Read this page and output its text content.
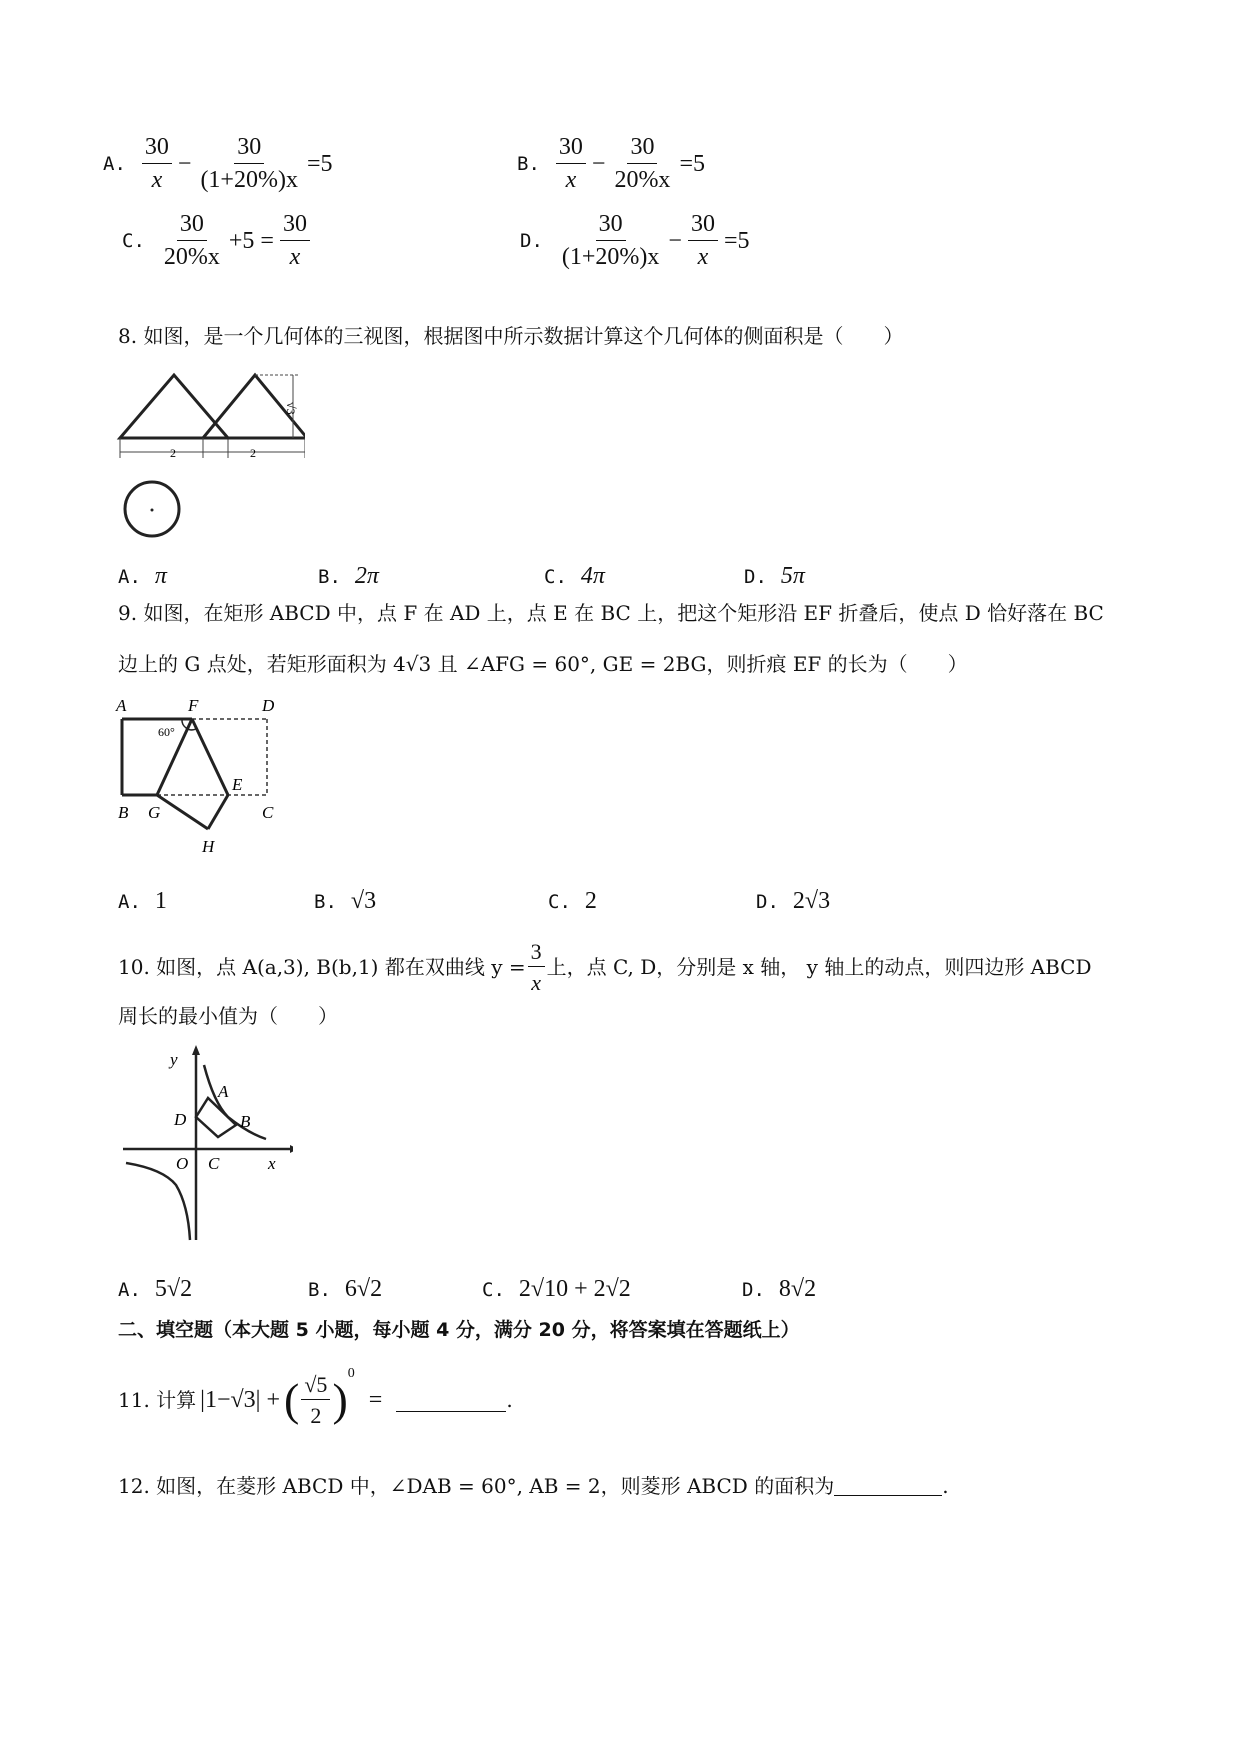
A. $\frac{30}{x} - \frac{30}{(1+20\%)x} =5$	B. $\frac{30}{x} - \frac{30}{20\%x} =5$
C. $\frac{30}{20\%x} +5 = \frac{30}{x}$	D. $\frac{30}{(1+20\%)x} - \frac{30}{x} =5$
8. 如图，是一个几何体的三视图，根据图中所示数据计算这个几何体的侧面积是（　　）
2	2
√3
A. π	B. 2π	C. 4π	D. 5π
9. 如图，在矩形 ABCD 中，点 F 在 AD 上，点 E 在 BC 上，把这个矩形沿 EF 折叠后，使点 D 恰好落在 BC
边上的 G 点处，若矩形面积为 4√3 且 ∠AFG = 60°, GE = 2BG，则折痕 EF 的长为（　　）
A	F	D
60°
E
B G	C
H
A. 1	B. √3	C. 2	D. 2√3
10. 如图，点 A(a,3), B(b,1) 都在双曲线 $y = \frac{3}{x}$ 上，点 C, D，分别是 x 轴， y 轴上的动点，则四边形 ABCD
周长的最小值为（　　）
y
A
B
D
O C	x
A. 5√2	B. 6√2	C. 2√10 + 2√2	D. 8√2
二、填空题（本大题 5 小题，每小题 4 分，满分 20 分，将答案填在答题纸上）
11. 计算 |1−√3| + ( $\frac{√5}{2}$ )
0
=	.
12. 如图，在菱形 ABCD 中，∠DAB = 60°, AB = 2，则菱形 ABCD 的面积为	.
